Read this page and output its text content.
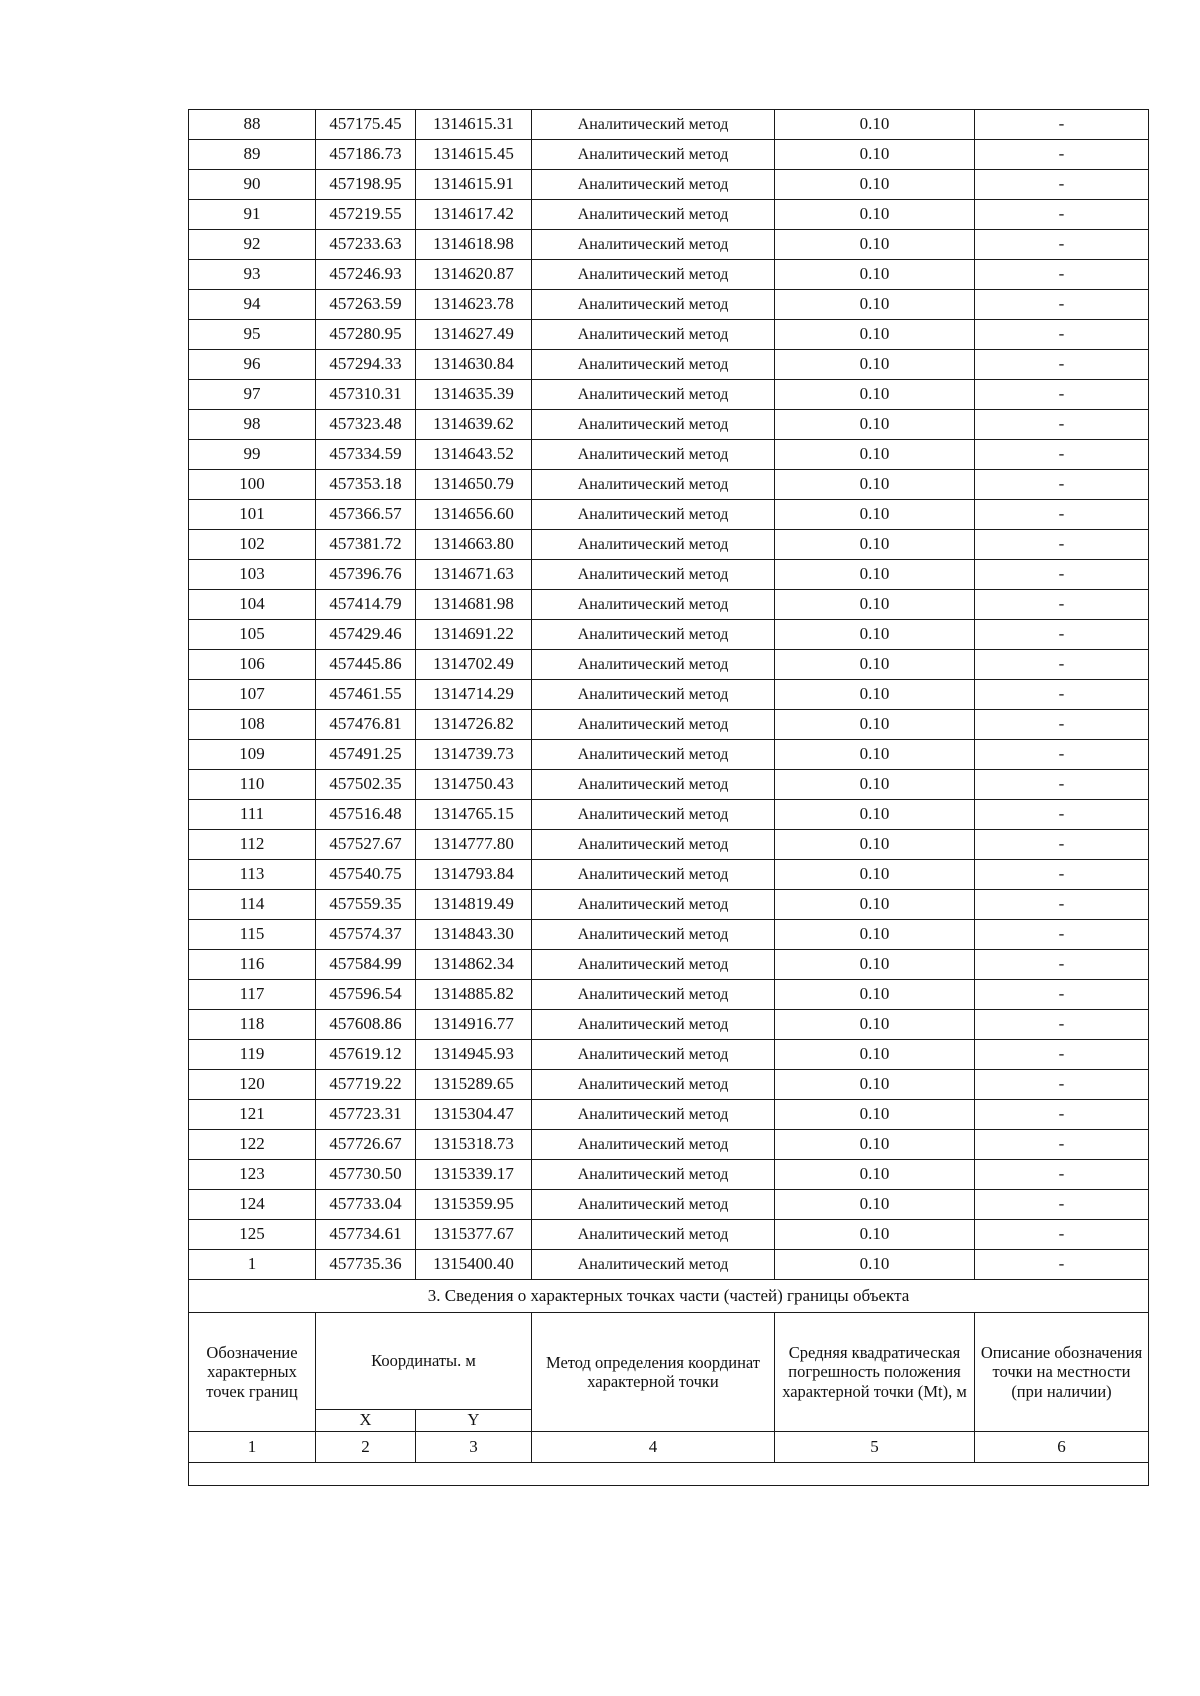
88	457175.45	1314615.31	Аналитический метод	0.10	-
89	457186.73	1314615.45	Аналитический метод	0.10	-
90	457198.95	1314615.91	Аналитический метод	0.10	-
91	457219.55	1314617.42	Аналитический метод	0.10	-
92	457233.63	1314618.98	Аналитический метод	0.10	-
93	457246.93	1314620.87	Аналитический метод	0.10	-
94	457263.59	1314623.78	Аналитический метод	0.10	-
95	457280.95	1314627.49	Аналитический метод	0.10	-
96	457294.33	1314630.84	Аналитический метод	0.10	-
97	457310.31	1314635.39	Аналитический метод	0.10	-
98	457323.48	1314639.62	Аналитический метод	0.10	-
99	457334.59	1314643.52	Аналитический метод	0.10	-
100	457353.18	1314650.79	Аналитический метод	0.10	-
101	457366.57	1314656.60	Аналитический метод	0.10	-
102	457381.72	1314663.80	Аналитический метод	0.10	-
103	457396.76	1314671.63	Аналитический метод	0.10	-
104	457414.79	1314681.98	Аналитический метод	0.10	-
105	457429.46	1314691.22	Аналитический метод	0.10	-
106	457445.86	1314702.49	Аналитический метод	0.10	-
107	457461.55	1314714.29	Аналитический метод	0.10	-
108	457476.81	1314726.82	Аналитический метод	0.10	-
109	457491.25	1314739.73	Аналитический метод	0.10	-
110	457502.35	1314750.43	Аналитический метод	0.10	-
111	457516.48	1314765.15	Аналитический метод	0.10	-
112	457527.67	1314777.80	Аналитический метод	0.10	-
113	457540.75	1314793.84	Аналитический метод	0.10	-
114	457559.35	1314819.49	Аналитический метод	0.10	-
115	457574.37	1314843.30	Аналитический метод	0.10	-
116	457584.99	1314862.34	Аналитический метод	0.10	-
117	457596.54	1314885.82	Аналитический метод	0.10	-
118	457608.86	1314916.77	Аналитический метод	0.10	-
119	457619.12	1314945.93	Аналитический метод	0.10	-
120	457719.22	1315289.65	Аналитический метод	0.10	-
121	457723.31	1315304.47	Аналитический метод	0.10	-
122	457726.67	1315318.73	Аналитический метод	0.10	-
123	457730.50	1315339.17	Аналитический метод	0.10	-
124	457733.04	1315359.95	Аналитический метод	0.10	-
125	457734.61	1315377.67	Аналитический метод	0.10	-
1	457735.36	1315400.40	Аналитический метод	0.10	-
3. Сведения о характерных точках части (частей) границы объекта					
Обозначение характерных точек границ	Координаты. м		Метод определения координат характерной точки	Средняя квадратическая погрешность положения характерной точки (Mt), м	Описание обозначения точки на местности (при наличии)
	X	Y			
1	2	3	4	5	6
